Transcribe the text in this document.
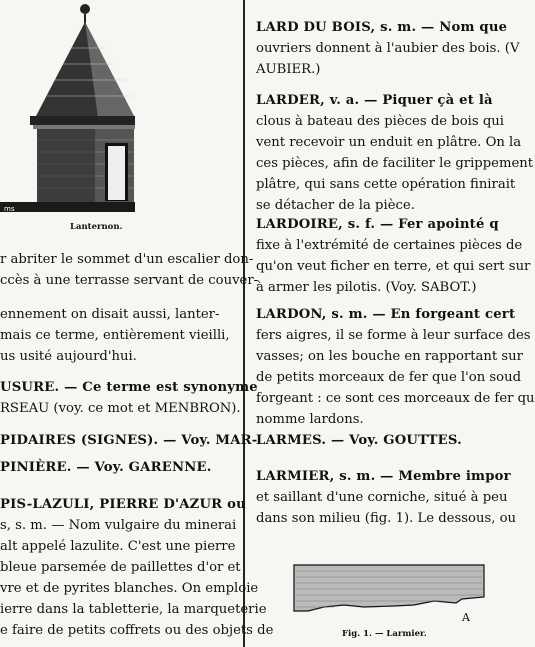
ms
Lanternon.

r abriter le sommet d'un escalier don-
ccès à une terrasse servant de couver-

ennement on disait aussi, lanter-
mais ce terme, entièrement vieilli,
us usité aujourd'hui.

USURE. — Ce terme est synonyme
RSEAU (voy. ce mot et MENBRON).

PIDAIRES (SIGNES). — Voy. MAR-

PINIÈRE. — Voy. GARENNE.

PIS-LAZULI, PIERRE D'AZUR ou
s, s. m. — Nom vulgaire du minerai
alt appelé lazulite. C'est une pierre
bleue parsemée de paillettes d'or et
vre et de pyrites blanches. On emploie
ierre dans la tabletterie, la marqueterie
e faire de petits coffrets ou des objets de

LARD DU BOIS, s. m. — Nom que
ouvriers donnent à l'aubier des bois. (V
AUBIER.)

LARDER, v. a. — Piquer çà et là
clous à bateau des pièces de bois qui
vent recevoir un enduit en plâtre. On la
ces pièces, afin de faciliter le grippement
plâtre, qui sans cette opération finirait
se détacher de la pièce.

LARDOIRE, s. f. — Fer apointé q
fixe à l'extrémité de certaines pièces de
qu'on veut ficher en terre, et qui sert sur
à armer les pilotis. (Voy. SABOT.)

LARDON, s. m. — En forgeant cert
fers aigres, il se forme à leur surface des
vasses; on les bouche en rapportant sur
de petits morceaux de fer que l'on soud
forgeant : ce sont ces morceaux de fer qu
nomme lardons.

LARMES. — Voy. GOUTTES.

LARMIER, s. m. — Membre impor
et saillant d'une corniche, situé à peu
dans son milieu (fig. 1). Le dessous, ou

A
Fig. 1. — Larmier.
